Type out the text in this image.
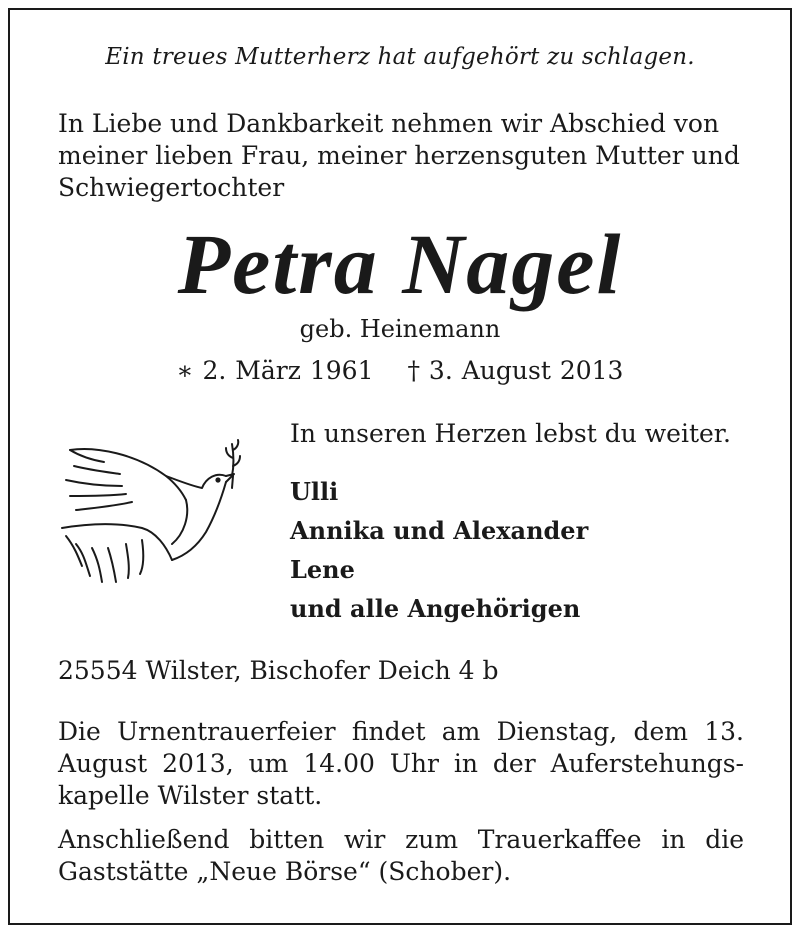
Ein treues Mutterherz hat aufgehört zu schlagen.
In Liebe und Dankbarkeit nehmen wir Abschied von meiner lieben Frau, meiner herzensguten Mutter und Schwiegertochter
Petra Nagel
geb. Heinemann
∗ 2. März 1961 † 3. August 2013
In unseren Herzen lebst du weiter.
Ulli
Annika und Alexander
Lene
und alle Angehörigen
25554 Wilster, Bischofer Deich 4 b
Die Urnentrauerfeier findet am Dienstag, dem 13. August 2013, um 14.00 Uhr in der Auferstehungskapelle Wilster statt.
Anschließend bitten wir zum Trauerkaffee in die Gaststätte „Neue Börse“ (Schober).
